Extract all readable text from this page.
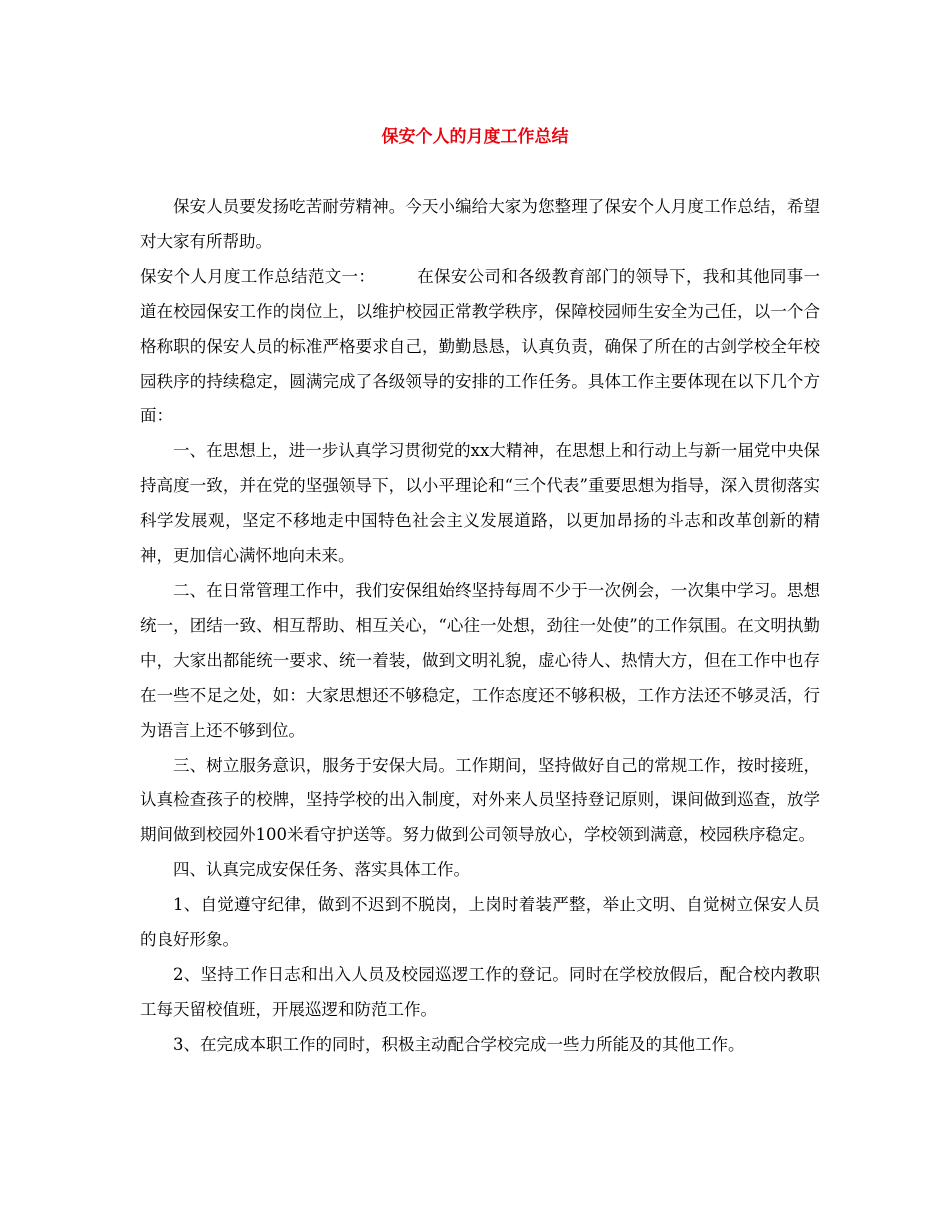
保安个人的月度工作总结

保安人员要发扬吃苦耐劳精神。今天小编给大家为您整理了保安个人月度工作总结，希望对大家有所帮助。

保安个人月度工作总结范文一：　　　在保安公司和各级教育部门的领导下，我和其他同事一道在校园保安工作的岗位上，以维护校园正常教学秩序，保障校园师生安全为己任，以一个合格称职的保安人员的标准严格要求自己，勤勤恳恳，认真负责，确保了所在的古剑学校全年校园秩序的持续稳定，圆满完成了各级领导的安排的工作任务。具体工作主要体现在以下几个方面：

一、在思想上，进一步认真学习贯彻党的xx大精神，在思想上和行动上与新一届党中央保持高度一致，并在党的坚强领导下，以小平理论和“三个代表”重要思想为指导，深入贯彻落实科学发展观，坚定不移地走中国特色社会主义发展道路，以更加昂扬的斗志和改革创新的精神，更加信心满怀地向未来。

二、在日常管理工作中，我们安保组始终坚持每周不少于一次例会，一次集中学习。思想统一，团结一致、相互帮助、相互关心，“心往一处想，劲往一处使”的工作氛围。在文明执勤中，大家出都能统一要求、统一着装，做到文明礼貌，虚心待人、热情大方，但在工作中也存在一些不足之处，如：大家思想还不够稳定，工作态度还不够积极，工作方法还不够灵活，行为语言上还不够到位。

三、树立服务意识，服务于安保大局。工作期间，坚持做好自己的常规工作，按时接班，认真检查孩子的校牌，坚持学校的出入制度，对外来人员坚持登记原则，课间做到巡查，放学期间做到校园外100米看守护送等。努力做到公司领导放心，学校领到满意，校园秩序稳定。

四、认真完成安保任务、落实具体工作。

1、自觉遵守纪律，做到不迟到不脱岗，上岗时着装严整，举止文明、自觉树立保安人员的良好形象。

2、坚持工作日志和出入人员及校园巡逻工作的登记。同时在学校放假后，配合校内教职工每天留校值班，开展巡逻和防范工作。

3、在完成本职工作的同时，积极主动配合学校完成一些力所能及的其他工作。
